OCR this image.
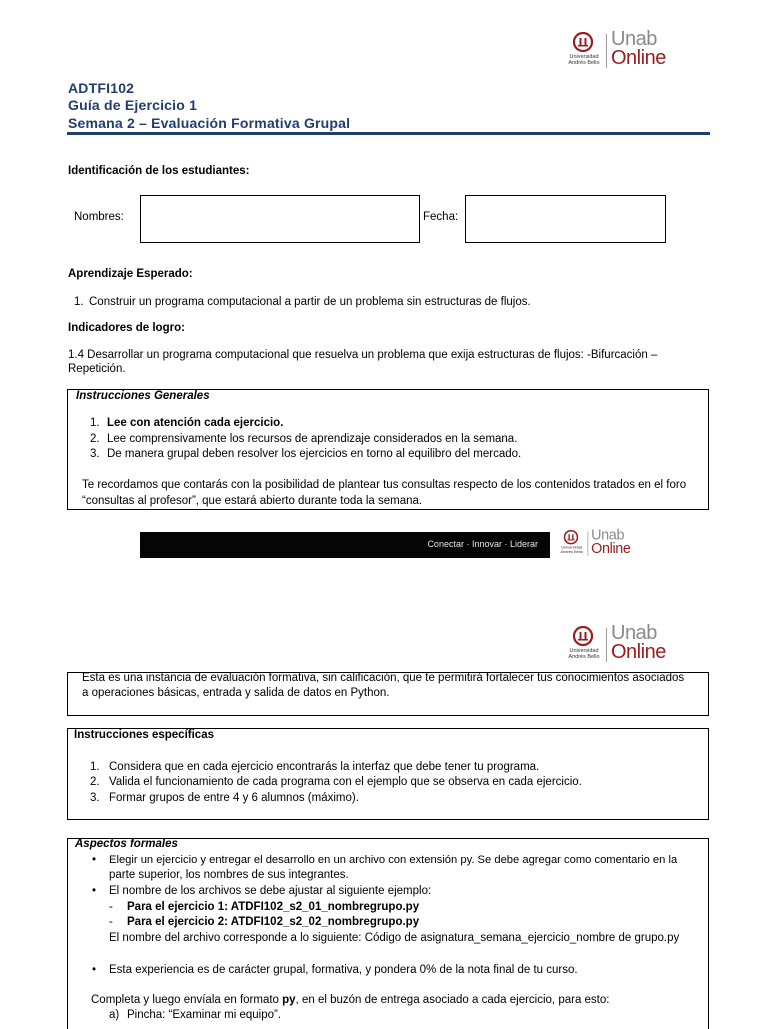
Universidad Andrés Bello
Unab
Online
ADTFI102
Guía de Ejercicio 1
Semana 2 – Evaluación Formativa Grupal
Identificación de los estudiantes:
Nombres:	Fecha:
Aprendizaje Esperado:
1. Construir un programa computacional a partir de un problema sin estructuras de flujos.
Indicadores de logro:
1.4 Desarrollar un programa computacional que resuelva un problema que exija estructuras de flujos: -Bifurcación –
Repetición.
Instrucciones Generales
1. Lee con atención cada ejercicio.
2. Lee comprensivamente los recursos de aprendizaje considerados en la semana.
3. De manera grupal deben resolver los ejercicios en torno al equilibro del mercado.
Te recordamos que contarás con la posibilidad de plantear tus consultas respecto de los contenidos tratados en el foro
“consultas al profesor”, que estará abierto durante toda la semana.
Conectar · Innovar · Liderar	Universidad Andrés Bello
Unab
Online
Universidad Andrés Bello
Unab
Online
Esta es una instancia de evaluación formativa, sin calificación, que te permitirá fortalecer tus conocimientos asociados
a operaciones básicas, entrada y salida de datos en Python.
Instrucciones específicas
1. Considera que en cada ejercicio encontrarás la interfaz que debe tener tu programa.
2. Valida el funcionamiento de cada programa con el ejemplo que se observa en cada ejercicio.
3. Formar grupos de entre 4 y 6 alumnos (máximo).
Aspectos formales
• Elegir un ejercicio y entregar el desarrollo en un archivo con extensión py. Se debe agregar como comentario en la
parte superior, los nombres de sus integrantes.
• El nombre de los archivos se debe ajustar al siguiente ejemplo:
- Para el ejercicio 1: ATDFI102_s2_01_nombregrupo.py
- Para el ejercicio 2: ATDFI102_s2_02_nombregrupo.py
El nombre del archivo corresponde a lo siguiente: Código de asignatura_semana_ejercicio_nombre de grupo.py
• Esta experiencia es de carácter grupal, formativa, y pondera 0% de la nota final de tu curso.
Completa y luego envíala en formato py, en el buzón de entrega asociado a cada ejercicio, para esto:
a) Pincha: “Examinar mi equipo”.
